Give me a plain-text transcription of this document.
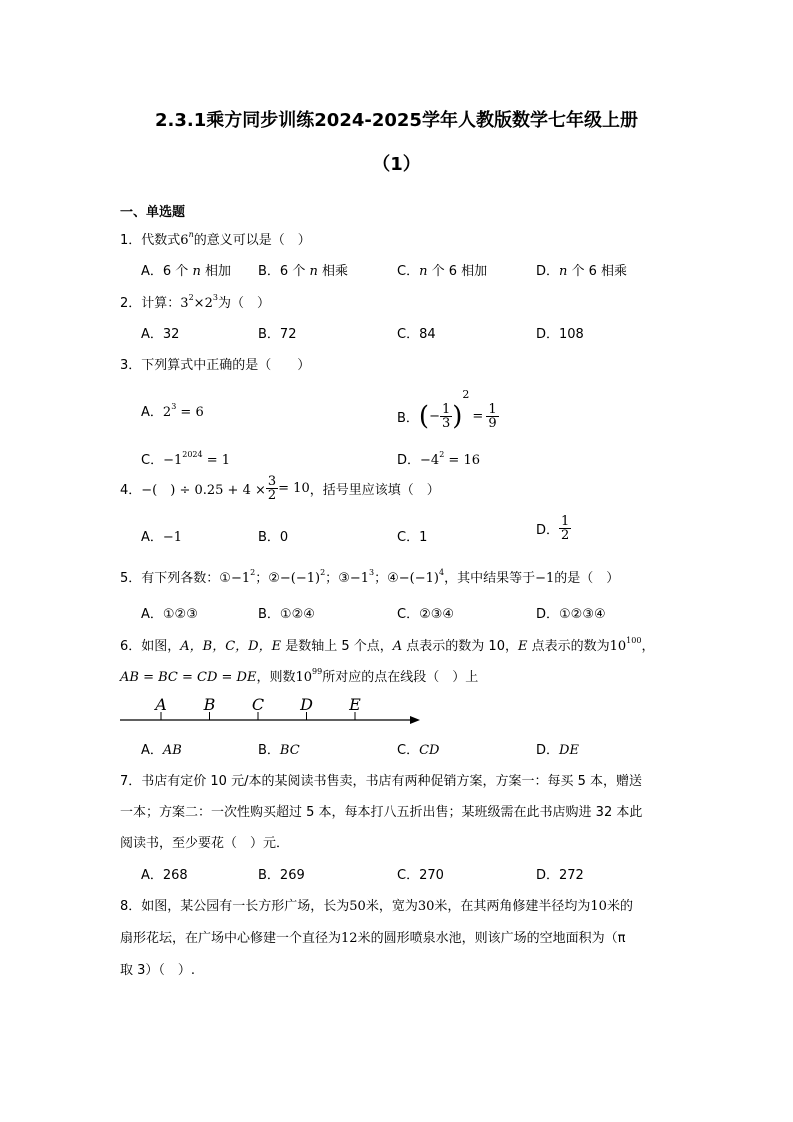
2.3.1乘方同步训练2024-2025学年人教版数学七年级上册
（1）
一、单选题
1．代数式6$^n$的意义可以是（　）
A．6 个 n 相加 B．6 个 n 相乘	C．n 个 6 相加	D．n 个 6 相乘
2．计算：$3^2\times 2^3$为（　）
A．32	B．72	C．84	D．108
3．下列算式中正确的是（　　）
A．$2^3 = 6$	B．(− $\frac{1}{3} )^2= \frac{1}{9}$
C．$-1^{2024} = 1$	D．$-4^2 = 16$
4．−(　) ÷ $0.25 + 4 \times \frac{3}{2} = 10$，括号里应该填（　）
A．−1	B．0	C．1	D． $\frac{1}{2}$
5．有下列各数：$①-1^2$；$②-(-1)^2$；$③-1^3$；$④-(-1)^4$，其中结果等于−1的是（　）
A．①②③	B．①②④	C．②③④	D．①②③④
6．如图，A，B，C，D，E 是数轴上 5 个点，A 点表示的数为 10，E 点表示的数为$10^{100}$，
AB = BC = CD = DE，则数$10^{99}$所对应的点在线段（　）上
A B C D E
A．AB	B．BC	C．CD	D．DE
7．书店有定价 10 元/本的某阅读书售卖，书店有两种促销方案，方案一：每买 5 本，赠送
一本；方案二：一次性购买超过 5 本，每本打八五折出售；某班级需在此书店购进 32 本此
阅读书，至少要花（　）元．
A．268	B．269	C．270	D．272
8．如图，某公园有一长方形广场，长为50米，宽为30米，在其两角修建半径均为10米的
扇形花坛，在广场中心修建一个直径为12米的圆形喷泉水池，则该广场的空地面积为（π
取 3）（　）.
